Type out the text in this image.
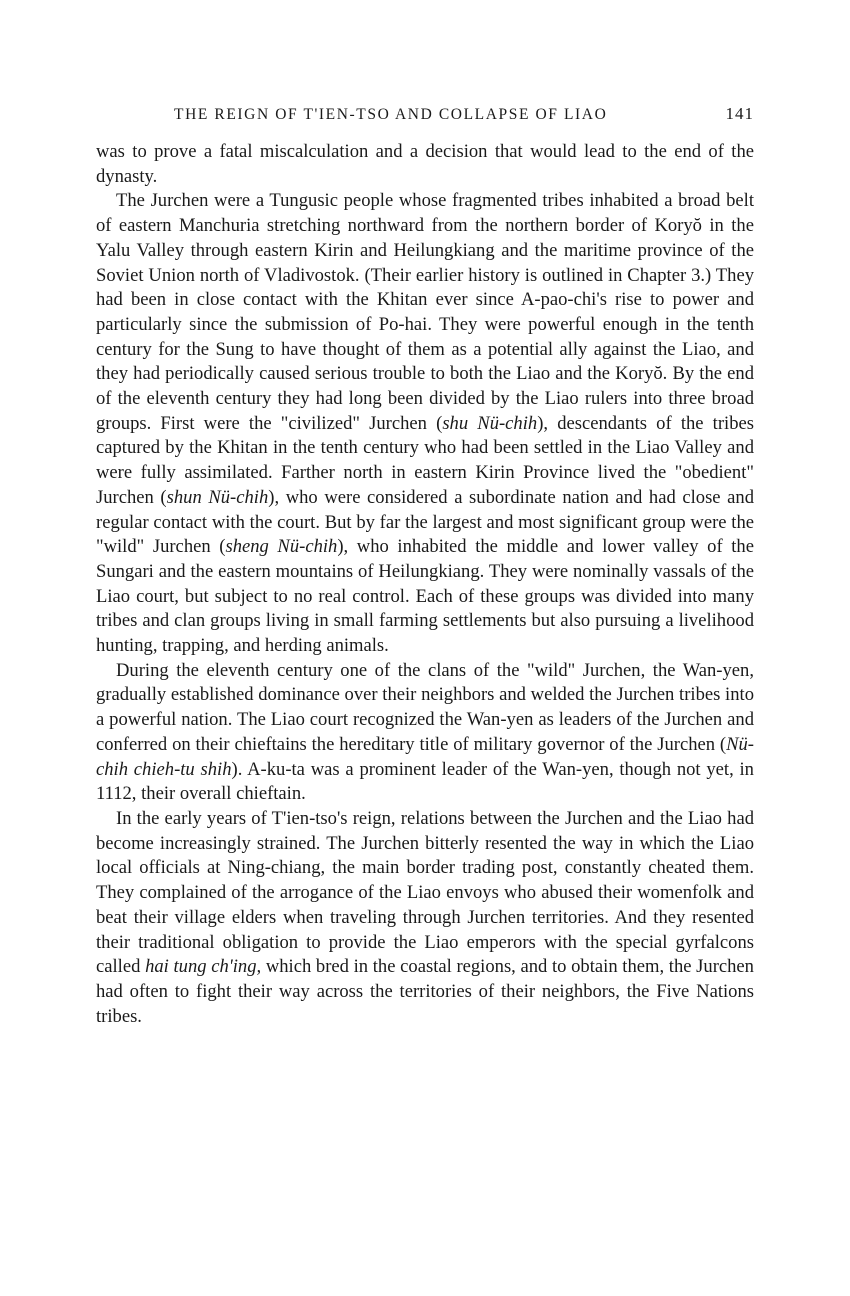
THE REIGN OF T'IEN-TSO AND COLLAPSE OF LIAO	141

was to prove a fatal miscalculation and a decision that would lead to the end of the dynasty.

The Jurchen were a Tungusic people whose fragmented tribes inhabited a broad belt of eastern Manchuria stretching northward from the northern border of Koryŏ in the Yalu Valley through eastern Kirin and Heilungkiang and the maritime province of the Soviet Union north of Vladivostok. (Their earlier history is outlined in Chapter 3.) They had been in close contact with the Khitan ever since A-pao-chi's rise to power and particularly since the submission of Po-hai. They were powerful enough in the tenth century for the Sung to have thought of them as a potential ally against the Liao, and they had periodically caused serious trouble to both the Liao and the Koryŏ. By the end of the eleventh century they had long been divided by the Liao rulers into three broad groups. First were the "civilized" Jurchen (shu Nü-chih), descendants of the tribes captured by the Khitan in the tenth century who had been settled in the Liao Valley and were fully assimilated. Farther north in eastern Kirin Province lived the "obedient" Jurchen (shun Nü-chih), who were considered a subordinate nation and had close and regular contact with the court. But by far the largest and most significant group were the "wild" Jurchen (sheng Nü-chih), who inhabited the middle and lower valley of the Sungari and the eastern mountains of Heilungkiang. They were nominally vassals of the Liao court, but subject to no real control. Each of these groups was divided into many tribes and clan groups living in small farming settlements but also pursuing a livelihood hunting, trapping, and herding animals.

During the eleventh century one of the clans of the "wild" Jurchen, the Wan-yen, gradually established dominance over their neighbors and welded the Jurchen tribes into a powerful nation. The Liao court recognized the Wan-yen as leaders of the Jurchen and conferred on their chieftains the hereditary title of military governor of the Jurchen (Nü-chih chieh-tu shih). A-ku-ta was a prominent leader of the Wan-yen, though not yet, in 1112, their overall chieftain.

In the early years of T'ien-tso's reign, relations between the Jurchen and the Liao had become increasingly strained. The Jurchen bitterly resented the way in which the Liao local officials at Ning-chiang, the main border trading post, constantly cheated them. They complained of the arrogance of the Liao envoys who abused their womenfolk and beat their village elders when traveling through Jurchen territories. And they resented their traditional obligation to provide the Liao emperors with the special gyrfalcons called hai tung ch'ing, which bred in the coastal regions, and to obtain them, the Jurchen had often to fight their way across the territories of their neighbors, the Five Nations tribes.
